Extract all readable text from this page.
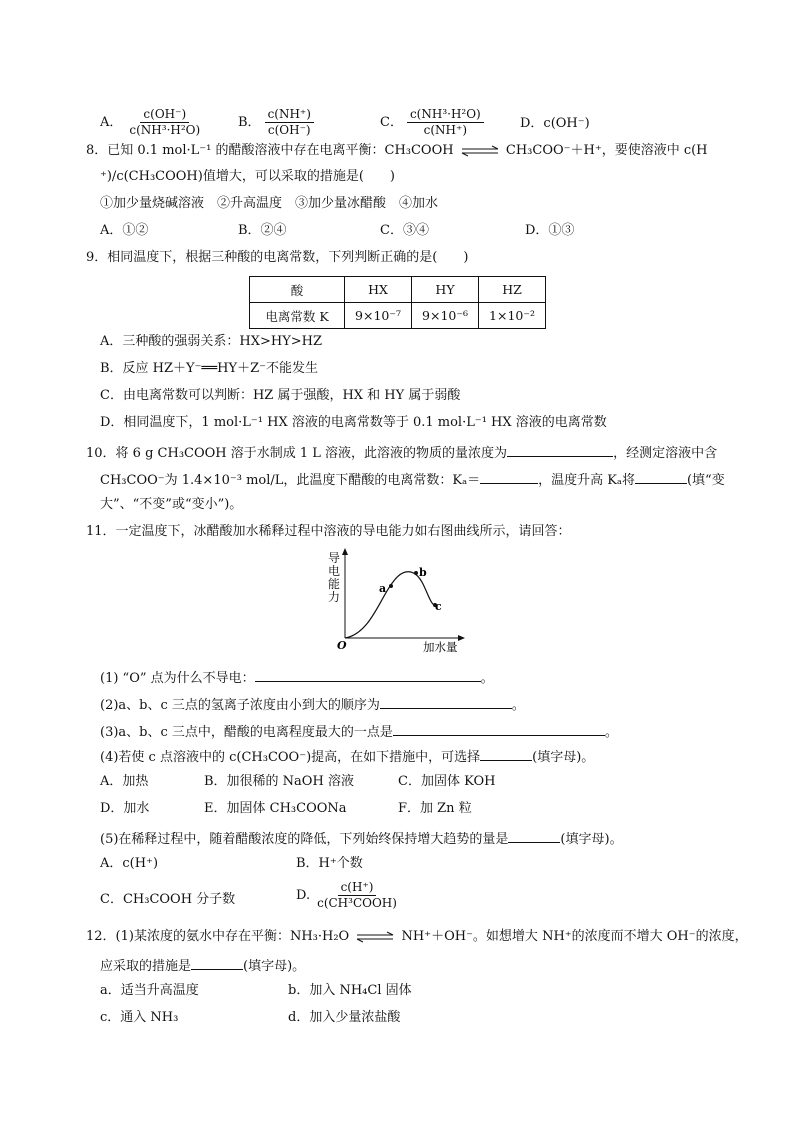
A． $\frac{c(OH^-)}{\text{c(NH³·H²O)}}$	B． $\frac{c(NH^+)}{c(OH^-)}$	C． $\frac{\text{c(NH³·H²O)}}{c(NH^+)}$	D．c(OH⁻)
8．已知 0.1 mol·L⁻¹ 的醋酸溶液中存在电离平衡：CH₃COOH ⇌ CH₃COO⁻＋H⁺，要使溶液中 c(H
⁺)/c(CH₃COOH)值增大，可以采取的措施是(　　)
①加少量烧碱溶液　②升高温度　③加少量冰醋酸　④加水
A．①②	B．②④	C．③④	D．①③
9．相同温度下，根据三种酸的电离常数，下列判断正确的是(　　)
酸	HX	HY	HZ
电离常数 K	9×10⁻⁷	9×10⁻⁶	1×10⁻²
A．三种酸的强弱关系：HX>HY>HZ
B．反应 HZ＋Y⁻══HY＋Z⁻不能发生
C．由电离常数可以判断：HZ 属于强酸，HX 和 HY 属于弱酸
D．相同温度下，1 mol·L⁻¹ HX 溶液的电离常数等于 0.1 mol·L⁻¹ HX 溶液的电离常数
10．将 6 g CH₃COOH 溶于水制成 1 L 溶液，此溶液的物质的量浓度为	，经测定溶液中含
CH₃COO⁻为 1.4×10⁻³ mol/L，此温度下醋酸的电离常数：Kₐ＝	，温度升高 Kₐ将	(填“变
大”、“不变”或“变小”)。
11．一定温度下，冰醋酸加水稀释过程中溶液的导电能力如右图曲线所示，请回答：
a
b
c
O	加水量
导电能力
(1) “O” 点为什么不导电：	。
(2)a、b、c 三点的氢离子浓度由小到大的顺序为	。
(3)a、b、c 三点中，醋酸的电离程度最大的一点是	。
(4)若使 c 点溶液中的 c(CH₃COO⁻)提高，在如下措施中，可选择	(填字母)。
A．加热	B．加很稀的 NaOH 溶液	C．加固体 KOH
D．加水	E．加固体 CH₃COONa	F．加 Zn 粒
(5)在稀释过程中，随着醋酸浓度的降低，下列始终保持增大趋势的量是	(填字母)。
A．c(H⁺)	B．H⁺个数
C．CH₃COOH 分子数	D. $\frac{c(H^+)}{\text{c(CH³COOH)}}$
12．(1)某浓度的氨水中存在平衡：NH₃·H₂O ⇌ NH⁺＋OH⁻。如想增大 NH⁺的浓度而不增大 OH⁻的浓度，
应采取的措施是	(填字母)。
a．适当升高温度	b．加入 NH₄Cl 固体
c．通入 NH₃	d．加入少量浓盐酸
